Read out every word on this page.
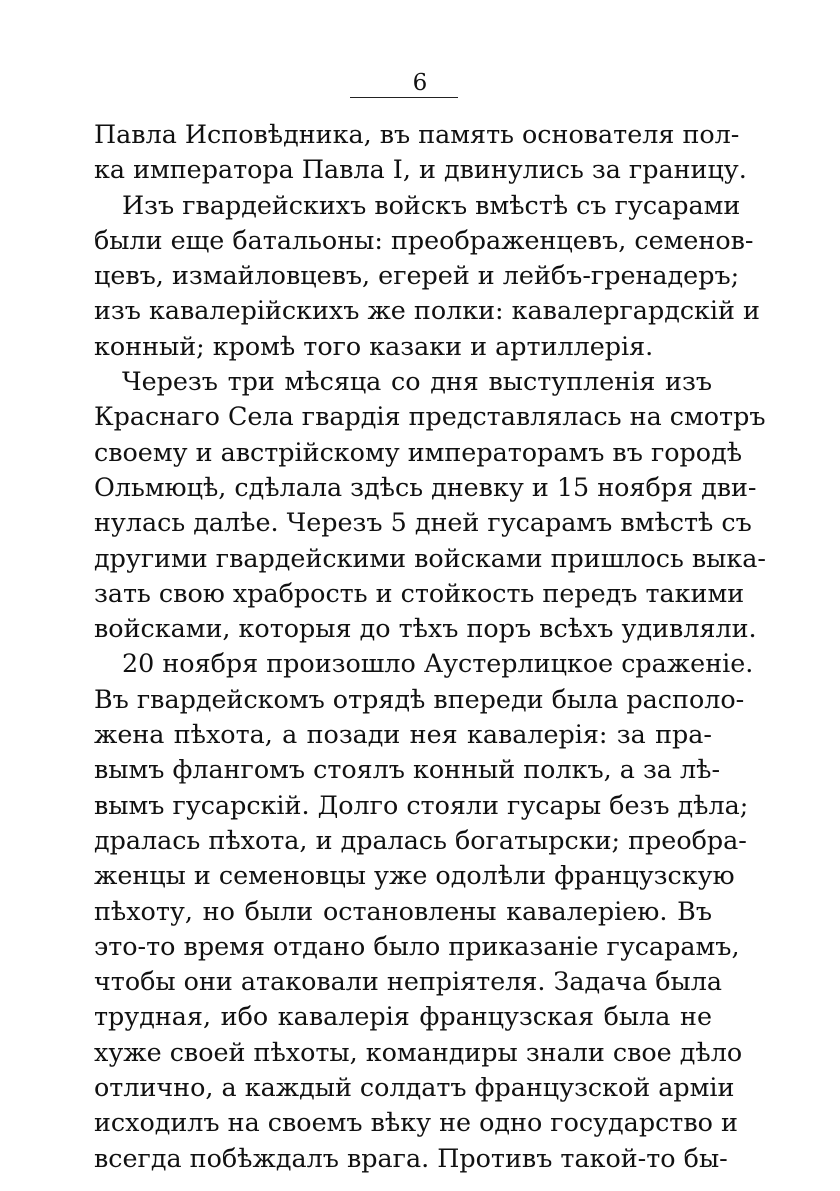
6
Павла Исповѣдника, въ память основателя пол-
ка императора Павла I, и двинулись за границу.
Изъ гвардейскихъ войскъ вмѣстѣ съ гусарами
были еще батальоны: преображенцевъ, семенов-
цевъ, измайловцевъ, егерей и лейбъ-гренадеръ;
изъ кавалерійскихъ же полки: кавалергардскій и
конный; кромѣ того казаки и артиллерія.
Черезъ три мѣсяца со дня выступленія изъ
Краснаго Села гвардія представлялась на смотръ
своему и австрійскому императорамъ въ городѣ
Ольмюцѣ, сдѣлала здѣсь дневку и 15 ноября дви-
нулась далѣе. Черезъ 5 дней гусарамъ вмѣстѣ съ
другими гвардейскими войсками пришлось выка-
зать свою храбрость и стойкость передъ такими
войсками, которыя до тѣхъ поръ всѣхъ удивляли.
20 ноября произошло Аустерлицкое сраженіе.
Въ гвардейскомъ отрядѣ впереди была располо-
жена пѣхота, а позади нея кавалерія: за пра-
вымъ флангомъ стоялъ конный полкъ, а за лѣ-
вымъ гусарскій. Долго стояли гусары безъ дѣла;
дралась пѣхота, и дралась богатырски; преобра-
женцы и семеновцы уже одолѣли французскую
пѣхоту, но были остановлены кавалеріею. Въ
это-то время отдано было приказаніе гусарамъ,
чтобы они атаковали непріятеля. Задача была
трудная, ибо кавалерія французская была не
хуже своей пѣхоты, командиры знали свое дѣло
отлично, а каждый солдатъ французской арміи
исходилъ на своемъ вѣку не одно государство и
всегда побѣждалъ врага. Противъ такой-то бы-
